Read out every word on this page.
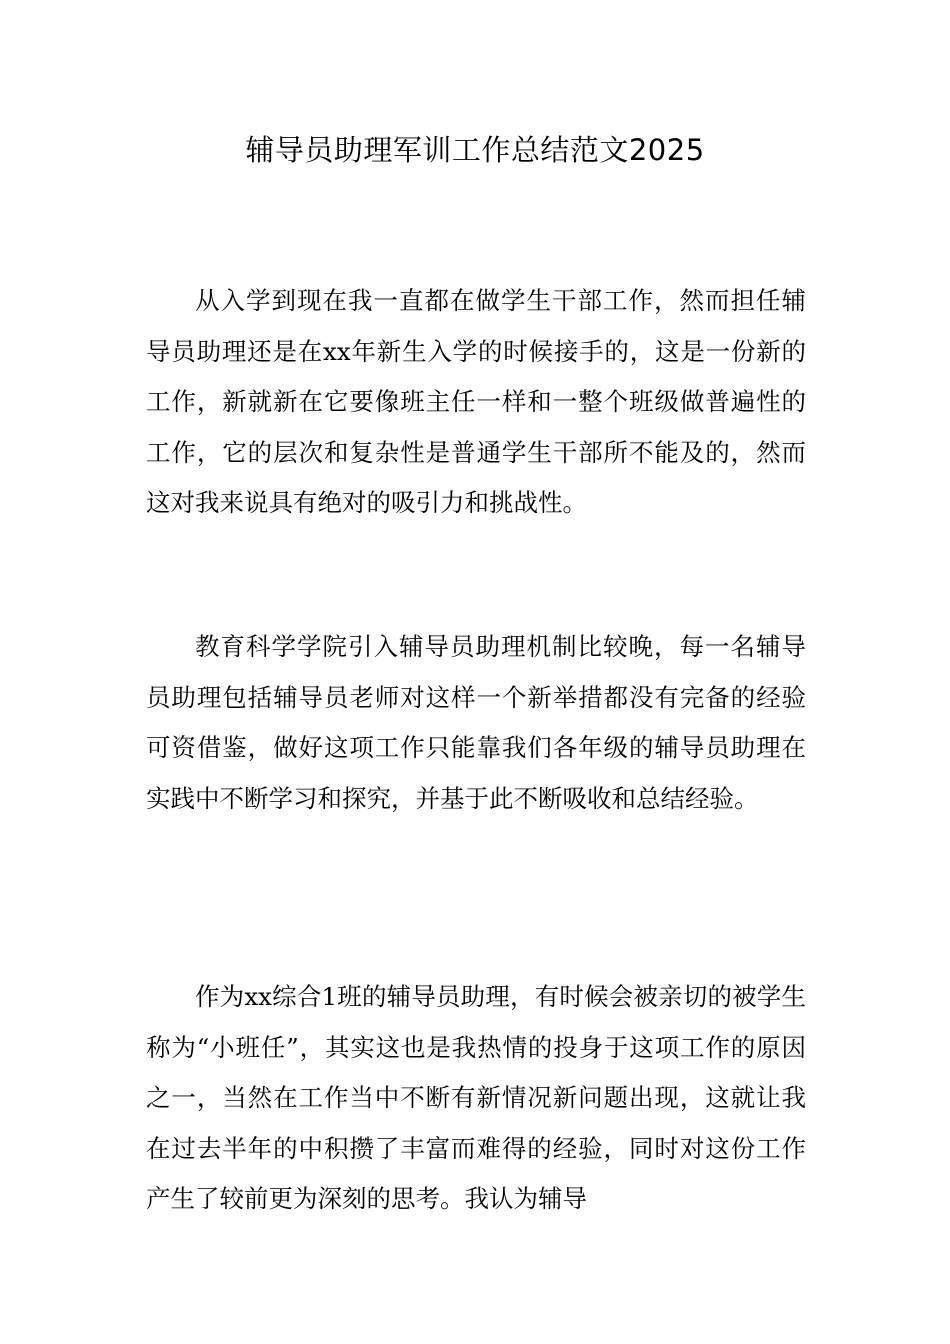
辅导员助理军训工作总结范文2025

从入学到现在我一直都在做学生干部工作，然而担任辅导员助理还是在xx年新生入学的时候接手的，这是一份新的工作，新就新在它要像班主任一样和一整个班级做普遍性的工作，它的层次和复杂性是普通学生干部所不能及的，然而这对我来说具有绝对的吸引力和挑战性。

教育科学学院引入辅导员助理机制比较晚，每一名辅导员助理包括辅导员老师对这样一个新举措都没有完备的经验可资借鉴，做好这项工作只能靠我们各年级的辅导员助理在实践中不断学习和探究，并基于此不断吸收和总结经验。

作为xx综合1班的辅导员助理，有时候会被亲切的被学生称为“小班任”，其实这也是我热情的投身于这项工作的原因之一，当然在工作当中不断有新情况新问题出现，这就让我在过去半年的中积攒了丰富而难得的经验，同时对这份工作产生了较前更为深刻的思考。我认为辅导
